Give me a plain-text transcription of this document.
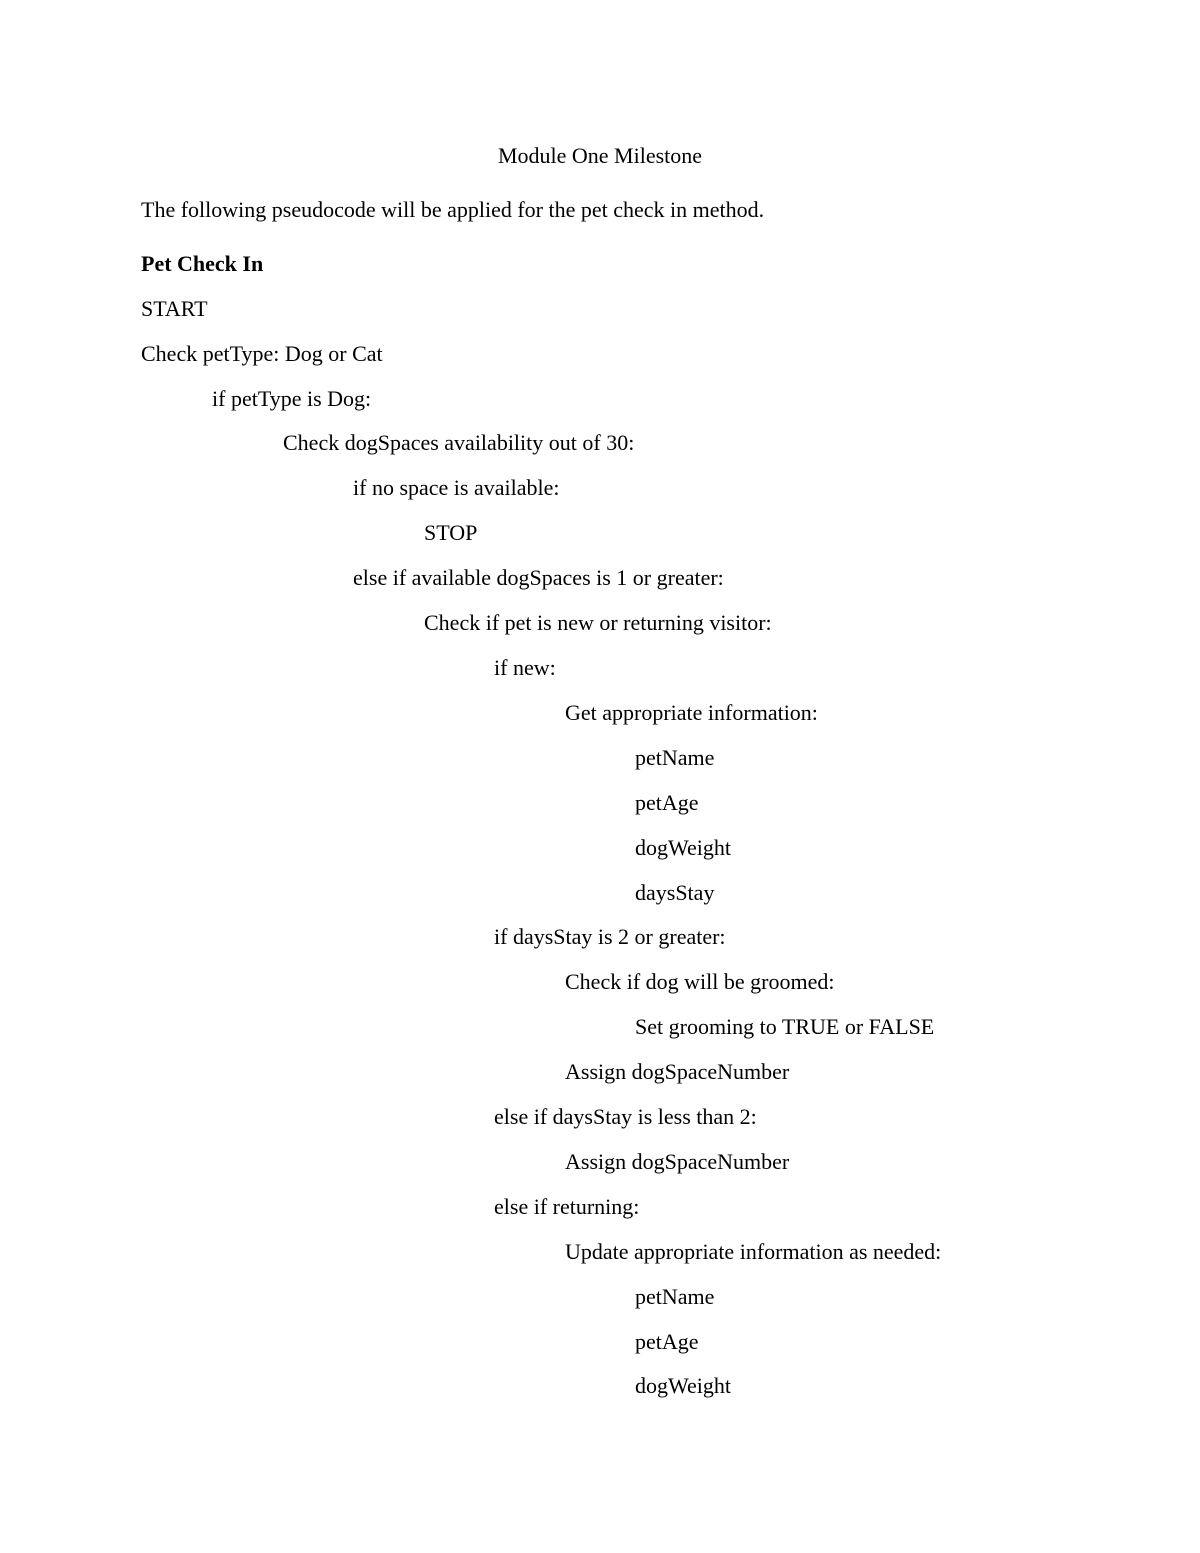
Module One Milestone
The following pseudocode will be applied for the pet check in method.
Pet Check In
START
Check petType: Dog or Cat
if petType is Dog:
Check dogSpaces availability out of 30:
if no space is available:
STOP
else if available dogSpaces is 1 or greater:
Check if pet is new or returning visitor:
if new:
Get appropriate information:
petName
petAge
dogWeight
daysStay
if daysStay is 2 or greater:
Check if dog will be groomed:
Set grooming to TRUE or FALSE
Assign dogSpaceNumber
else if daysStay is less than 2:
Assign dogSpaceNumber
else if returning:
Update appropriate information as needed:
petName
petAge
dogWeight
